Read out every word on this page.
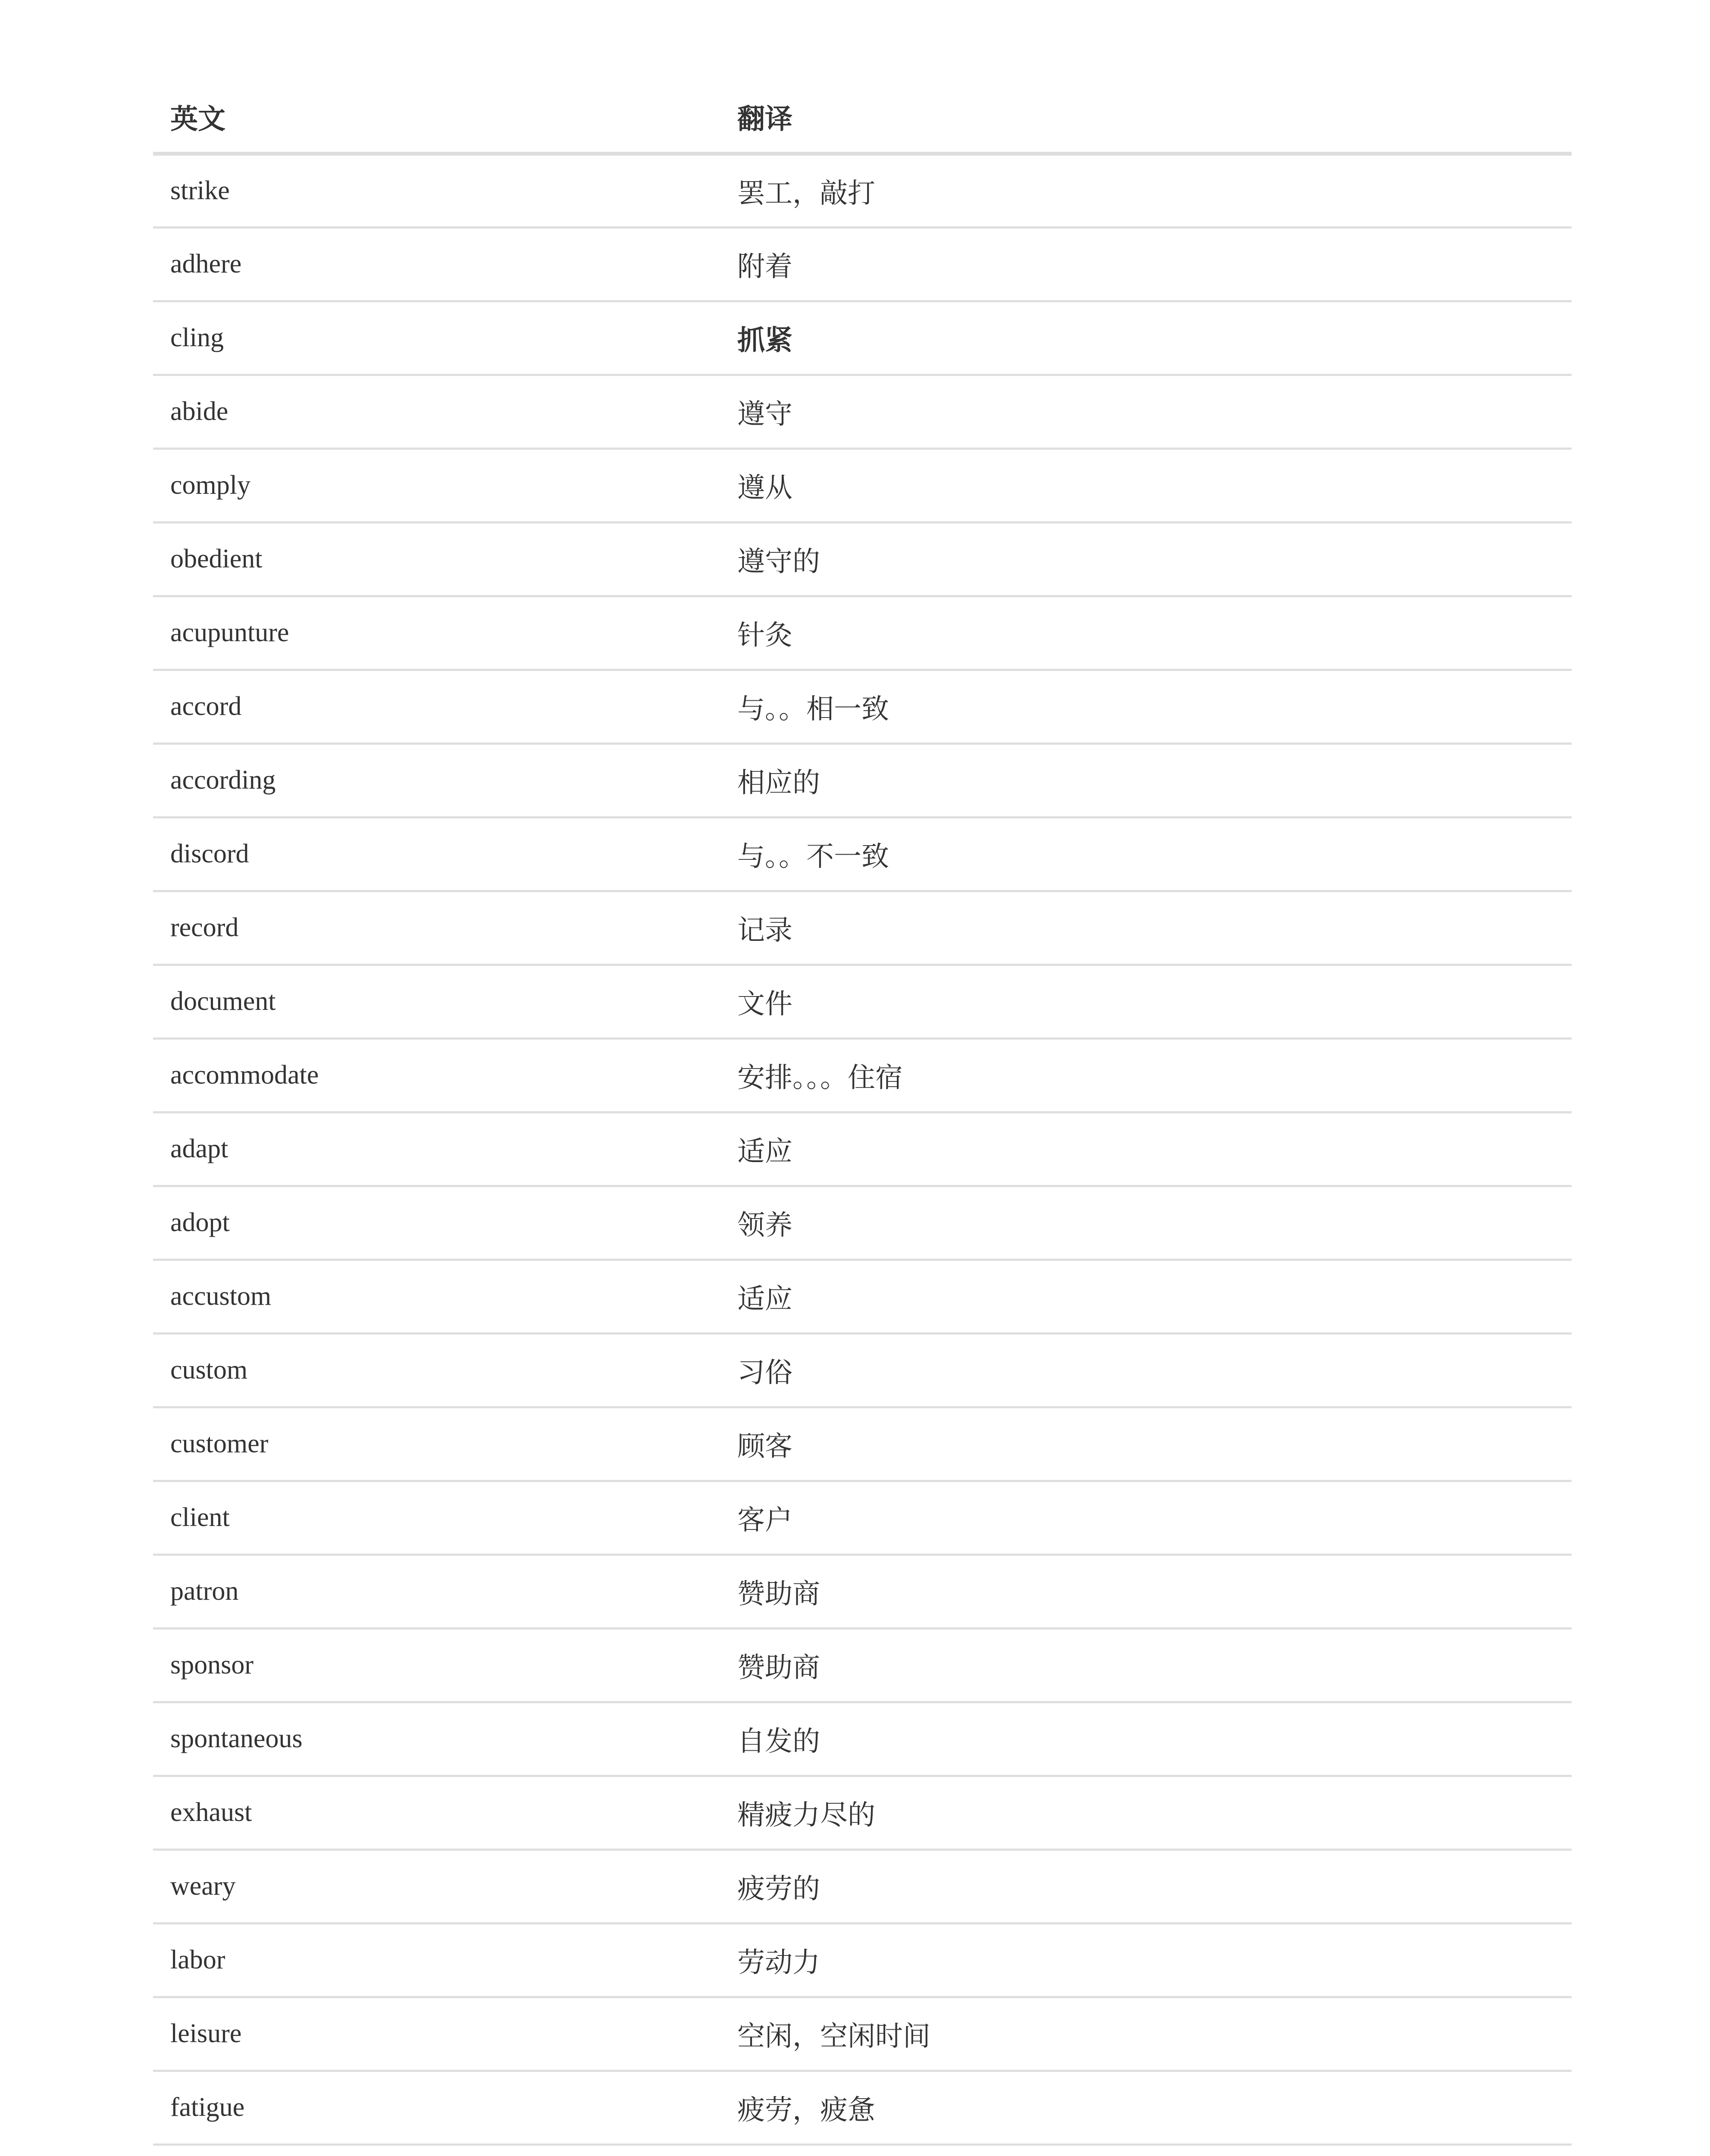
英文	翻译
strike	罢工，敲打
adhere	附着
cling	抓紧
abide	遵守
comply	遵从
obedient	遵守的
acupunture	针灸
accord	与。。相一致
according	相应的
discord	与。。不一致
record	记录
document	文件
accommodate	安排。。。住宿
adapt	适应
adopt	领养
accustom	适应
custom	习俗
customer	顾客
client	客户
patron	赞助商
sponsor	赞助商
spontaneous	自发的
exhaust	精疲力尽的
weary	疲劳的
labor	劳动力
leisure	空闲，空闲时间
fatigue	疲劳，疲惫
